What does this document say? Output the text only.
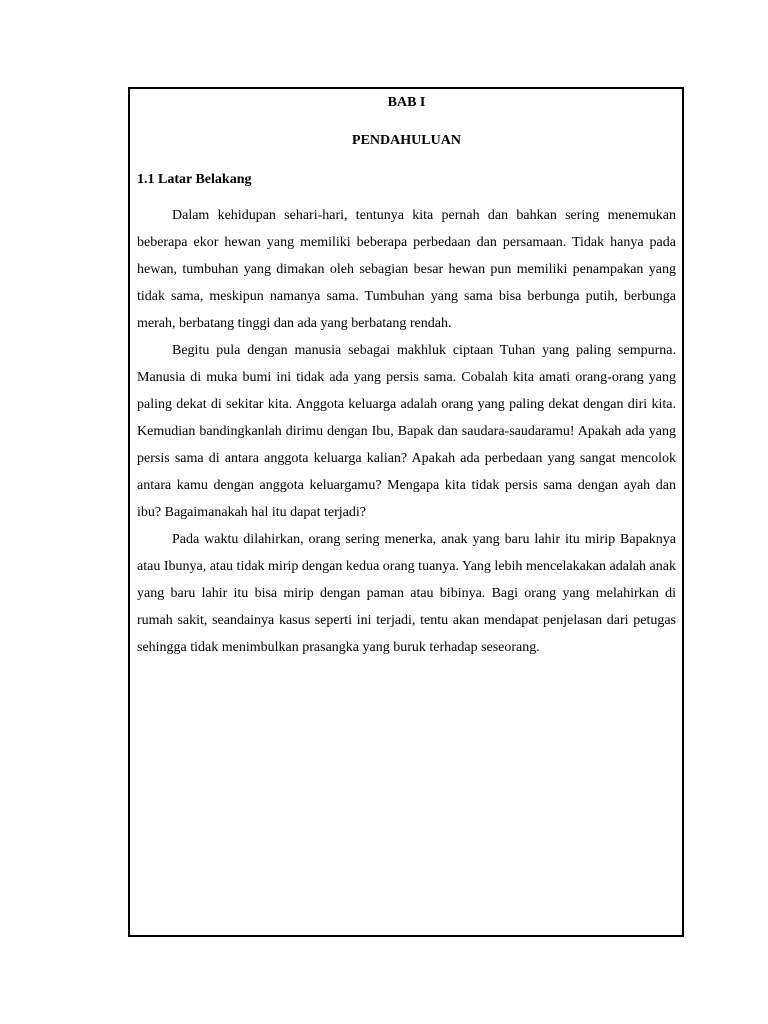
BAB I

PENDAHULUAN

1.1 Latar Belakang

Dalam kehidupan sehari-hari, tentunya kita pernah dan bahkan sering menemukan beberapa ekor hewan yang memiliki beberapa perbedaan dan persamaan. Tidak hanya pada hewan, tumbuhan yang dimakan oleh sebagian besar hewan pun memiliki penampakan yang tidak sama, meskipun namanya sama. Tumbuhan yang sama bisa berbunga putih, berbunga merah, berbatang tinggi dan ada yang berbatang rendah.

Begitu pula dengan manusia sebagai makhluk ciptaan Tuhan yang paling sempurna. Manusia di muka bumi ini tidak ada yang persis sama. Cobalah kita amati orang-orang yang paling dekat di sekitar kita. Anggota keluarga adalah orang yang paling dekat dengan diri kita. Kemudian bandingkanlah dirimu dengan Ibu, Bapak dan saudara-saudaramu! Apakah ada yang persis sama di antara anggota keluarga kalian? Apakah ada perbedaan yang sangat mencolok antara kamu dengan anggota keluargamu? Mengapa kita tidak persis sama dengan ayah dan ibu? Bagaimanakah hal itu dapat terjadi?

Pada waktu dilahirkan, orang sering menerka, anak yang baru lahir itu mirip Bapaknya atau Ibunya, atau tidak mirip dengan kedua orang tuanya. Yang lebih mencelakakan adalah anak yang baru lahir itu bisa mirip dengan paman atau bibinya. Bagi orang yang melahirkan di rumah sakit, seandainya kasus seperti ini terjadi, tentu akan mendapat penjelasan dari petugas sehingga tidak menimbulkan prasangka yang buruk terhadap seseorang.
